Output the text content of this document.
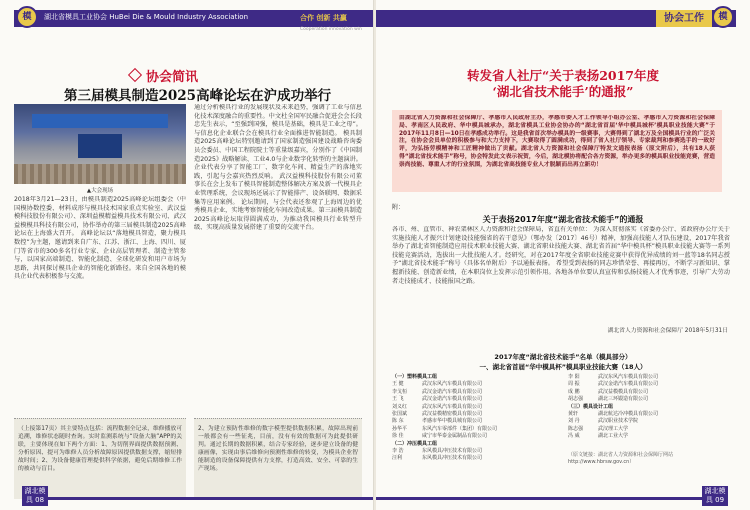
模	湖北省模具工业协会 HuBei Die & Mould Industry Association	合作 创新 共赢
Cooperation innovation win
协会简讯
第三届模具制造2025高峰论坛在沪成功举行
▲大会现场
2018年3月21—23日，由模具制造2025高峰论坛组委会（中国模协数控委、材料成形与模具技术国家重点实验室、武汉益模科技股份有限公司）、深圳益模精益模具技术有限公司、武汉益模模具科技有限公司，协作举办的第三届模具制造2025高峰论坛在上海盛大召开。 高峰论坛以“落地模具智造，聚力模具数控”为主题，邀请到来自广东、江苏、浙江、上海、四川、厦门等省市的300多名行业专家、企业高层管理者、制造主管参与，以国家高端制造、智能化制造、全球化研发和用户市场为思路，共同探讨模具企业的智能化新路径。来自全国各地的模具企业代表积极参与交流。
通过分析模具行业的发展现状及未来趋势，强调了工业与信息化技术深度融合的重要性。中文杜全国军民融合促进会会长段忠先生表示，“至强到国强，模具是基础，模具是工业之母”。与信息化企业联合会在模具行业全面推进智能制造。 模具制造2025高峰论坛特别邀请到了国家制造强国建设战略咨询委员会委员、中国工程院院士等重量级嘉宾，分别作了《中国制造2025》战略解读、工业4.0与企业数字化转型的主题演讲。企业代表分享了智能工厂、数字化车间、精益生产的落地实践，引起与会嘉宾热烈反响。 武汉益模科技股份有限公司董事长在会上发布了模具智能制造整体解决方案及新一代模具企业管理系统，会议现场还展示了智能排产、设备联网、数据采集等应用案例。 论坛期间，与会代表还参观了上海周边的优秀模具企业，实地考察智能化车间改造成果。第三届模具制造2025高峰论坛取得圆满成功，为推动我国模具行业转型升级、实现高质量发展搭建了重要的交流平台。
（上接第17页）其主要特点包括：流程数据全记录，维修播放可追溯，维修状态随时查询。实时监测系统与“设备大脑”APP的关联，主要体现在如下两个方面：1、为切削界面提供数据预测、分析原因、提可为维修人员分析故障原因提供数据支撑，缩短排故时间；2、为设备健康管理提供科学依据，避免后期维修工作的被动与盲目。
2、为建立预防性维修的数字模型提供数据积累，故障出现前一般都会有一些征兆，目前，没有有效的数据可为此提供研判。通过长期的数据积累，结合专家经验，逐步建立设备的健康画像，实现由事后维修向预测性维修的转变，为模具企业智能制造的设备保障提供有力支撑，打造高效、安全、可靠的生产现场。
湖北模具 08
协会工作	模
转发省人社厅“关于表扬2017年度
‘湖北省技术能手’的通报”
由湖北省人力资源和社会保障厅、孝感市人民政府主办，孝感市委人才工作领导小组办公室、孝感市人力资源和社会保障局、孝南区人民政府、华中模具城承办，湖北省模具工业协会协办的“湖北省首届‘华中模具城杯’模具职业技能大赛”于2017年11月8日—10日在孝感成功举行。这是我省首次举办模具的一级赛事，大赛得到了湖北万及全国模具行业的广泛关注，在协会会员单位的积极参与和大力支持下，大赛取得了圆满成功，得到了省人社厅领导、专家裁判和参赛选手的一致好评，为弘扬劳模精神和工匠精神做出了贡献。湖北省人力资源和社会保障厅特发文通报表扬（原文附后），共有18人获得“湖北省技术能手”称号，协会特发此文表示祝贺，今后，湖北模协将配合各方资源，举办更多的模具职业技能竞赛，营造崇尚技能、尊重人才的行业氛围，为湖北省高技能专业人才脱颖而出再立新功！
附：
关于表扬2017年度“湖北省技术能手”的通报
各市、州、直管市、神农架林区人力资源和社会保障局，省直有关单位： 为深入贯彻落实《省委办公厅、省政府办公厅关于实施技能人才振兴计划建设技能强省的若干意见》（鄂办发〔2017〕46号）精神，加强高技能人才队伍建设，2017年我省举办了湖北省智能制造应用技术职业技能大赛、湖北省职业技能大赛、湖北省首届“华中模具杯”模具职业技能大赛等一系列技能竞赛活动，选拔出一大批技能人才。经研究，对在2017年度全省职业技能竞赛中获得优异成绩的刘一蓝等18名同志授予“湖北省技术能手”称号（具体名单附后）予以通报表扬。 希望受到表扬的同志珍惜荣誉、再接再厉，不断学习新知识、掌握新技能、创造新业绩，在本职岗位上发挥示范引领作用。各地各单位要认真宣传和弘扬技能人才优秀事迹，引导广大劳动者走技能成才、技能报国之路。
湖北省人力资源和社会保障厅 2018年5月31日
2017年度“湖北省技术能手”名单（模具部分）
一、湖北省首届“华中模具杯”模具职业技能大赛（18人）
（一）塑料模具工组
王 健	武汉东风汽车模具有限公司
李戈桓	武汉金诺汽车模具有限公司
王 飞	武汉金诺汽车模具有限公司
刘义红	武汉东风汽车模具有限公司
张国斌	武汉益模精密模具有限公司
陈 东	孝感市华中模具城有限公司
孙华平	东风汽车零部件（集团）有限公司
徐 佳	咸宁市华泰金属制品有限公司
（二）冲压模具工组
李 浩	东风模具冲压技术有限公司
汪利	东风模具冲压技术有限公司
李 阳	武汉东风汽车模具有限公司
周 振	武汉金诺汽车模具有限公司
成 鹏	武汉益模模具有限公司
胡志强	湖北三环锻造有限公司
（三）模具设计工组
黄轩	湖北航达冷冲模具有限公司
刘 丹	武汉职业技术学院
陈志强	武汉理工大学
冯 威	湖北工业大学
（原文链接：湖北省人力资源和社会保障厅网站 http://www.hbrsw.gov.cn）
湖北模具 09
